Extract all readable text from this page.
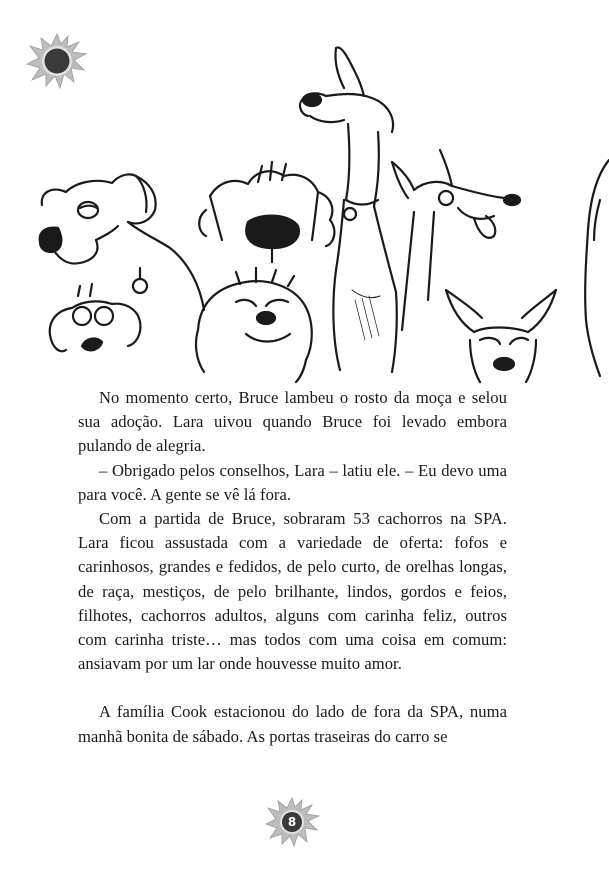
No momento certo, Bruce lambeu o rosto da moça e selou sua adoção. Lara uivou quando Bruce foi levado embora pulando de alegria.

– Obrigado pelos conselhos, Lara – latiu ele. – Eu devo uma para você. A gente se vê lá fora.

Com a partida de Bruce, sobraram 53 cachorros na SPA. Lara ficou assustada com a variedade de oferta: fofos e carinhosos, grandes e fedidos, de pelo curto, de orelhas longas, de raça, mestiços, de pelo brilhante, lindos, gordos e feios, filhotes, cachorros adultos, alguns com carinha feliz, outros com carinha triste… mas todos com uma coisa em comum: ansiavam por um lar onde houvesse muito amor.

A família Cook estacionou do lado de fora da SPA, numa manhã bonita de sábado. As portas traseiras do carro se

8
